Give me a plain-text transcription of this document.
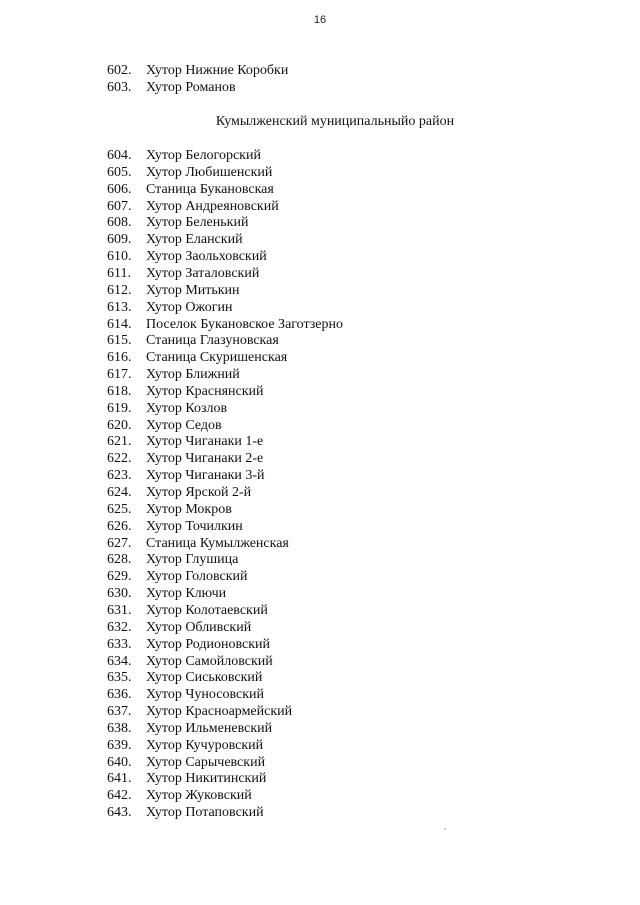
16
602.	Хутор Нижние Коробки
603.	Хутор Романов
Кумылженский муниципальныйо район
604.	Хутор Белогорский
605.	Хутор Любишенский
606.	Станица Букановская
607.	Хутор Андреяновский
608.	Хутор Беленький
609.	Хутор Еланский
610.	Хутор Заольховский
611.	Хутор Заталовский
612.	Хутор Митькин
613.	Хутор Ожогин
614.	Поселок Букановское Заготзерно
615.	Станица Глазуновская
616.	Станица Скуришенская
617.	Хутор Ближний
618.	Хутор Краснянский
619.	Хутор Козлов
620.	Хутор Седов
621.	Хутор Чиганаки 1-е
622.	Хутор Чиганаки 2-е
623.	Хутор Чиганаки 3-й
624.	Хутор Ярской 2-й
625.	Хутор Мокров
626.	Хутор Точилкин
627.	Станица Кумылженская
628.	Хутор Глушица
629.	Хутор Головский
630.	Хутор Ключи
631.	Хутор Колотаевский
632.	Хутор Обливский
633.	Хутор Родионовский
634.	Хутор Самойловский
635.	Хутор Сиськовский
636.	Хутор Чуносовский
637.	Хутор Красноармейский
638.	Хутор Ильменевский
639.	Хутор Кучуровский
640.	Хутор Сарычевский
641.	Хутор Никитинский
642.	Хутор Жуковский
643.	Хутор Потаповский
